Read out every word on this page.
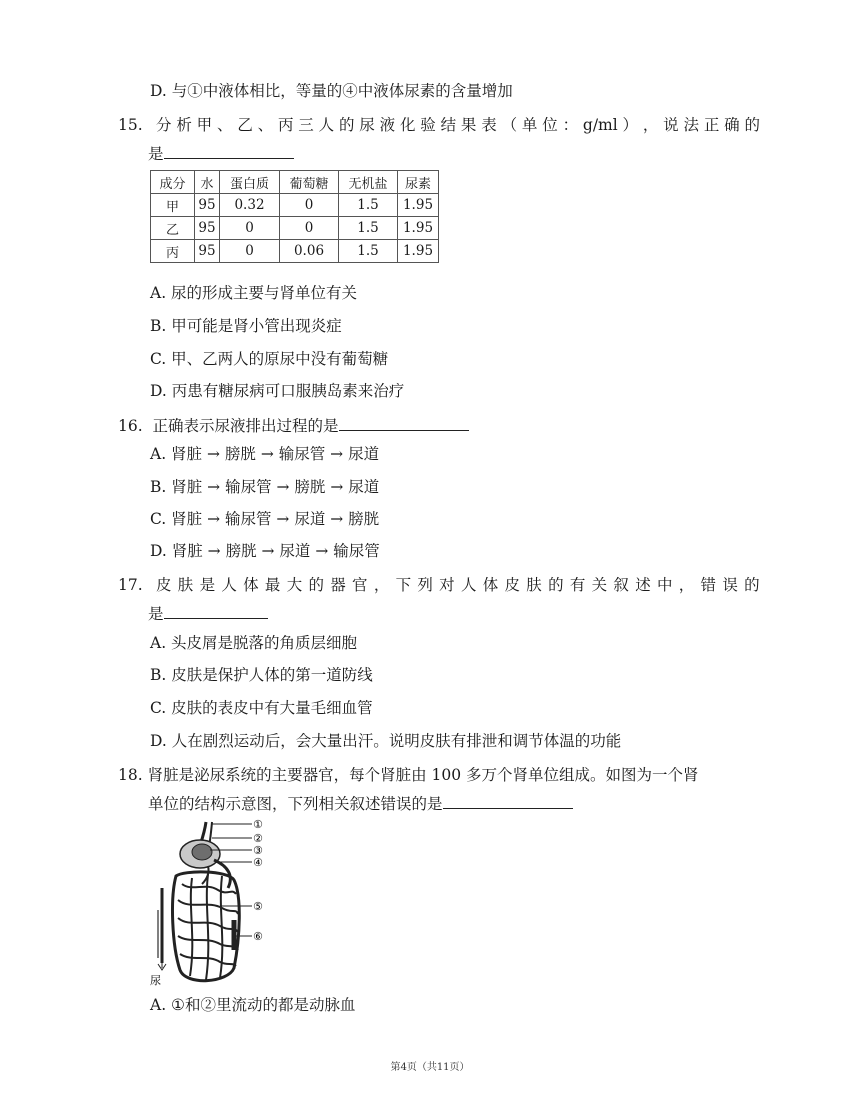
D. 与①中液体相比，等量的④中液体尿素的含量增加
15. 分 析 甲 、 乙 、 丙 三 人 的 尿 液 化 验 结 果 表 （ 单 位 ： g/ml ） ， 说 法 正 确 的
是
成分	水	蛋白质	葡萄糖	无机盐	尿素
甲	95	0.32	0	1.5	1.95
乙	95	0	0	1.5	1.95
丙	95	0	0.06	1.5	1.95
A. 尿的形成主要与肾单位有关
B. 甲可能是肾小管出现炎症
C. 甲、乙两人的原尿中没有葡萄糖
D. 丙患有糖尿病可口服胰岛素来治疗
16. 正确表示尿液排出过程的是
A. 肾脏 → 膀胱 → 输尿管 → 尿道
B. 肾脏 → 输尿管 → 膀胱 → 尿道
C. 肾脏 → 输尿管 → 尿道 → 膀胱
D. 肾脏 → 膀胱 → 尿道 → 输尿管
17. 皮 肤 是 人 体 最 大 的 器 官 ， 下 列 对 人 体 皮 肤 的 有 关 叙 述 中 ， 错 误 的
是
A. 头皮屑是脱落的角质层细胞
B. 皮肤是保护人体的第一道防线
C. 皮肤的表皮中有大量毛细血管
D. 人在剧烈运动后，会大量出汗。说明皮肤有排泄和调节体温的功能
18. 肾脏是泌尿系统的主要器官，每个肾脏由 100 多万个肾单位组成。如图为一个肾
单位的结构示意图，下列相关叙述错误的是
①
②
③
④
⑤
⑥
尿
A. ①和②里流动的都是动脉血
第4页（共11页）
